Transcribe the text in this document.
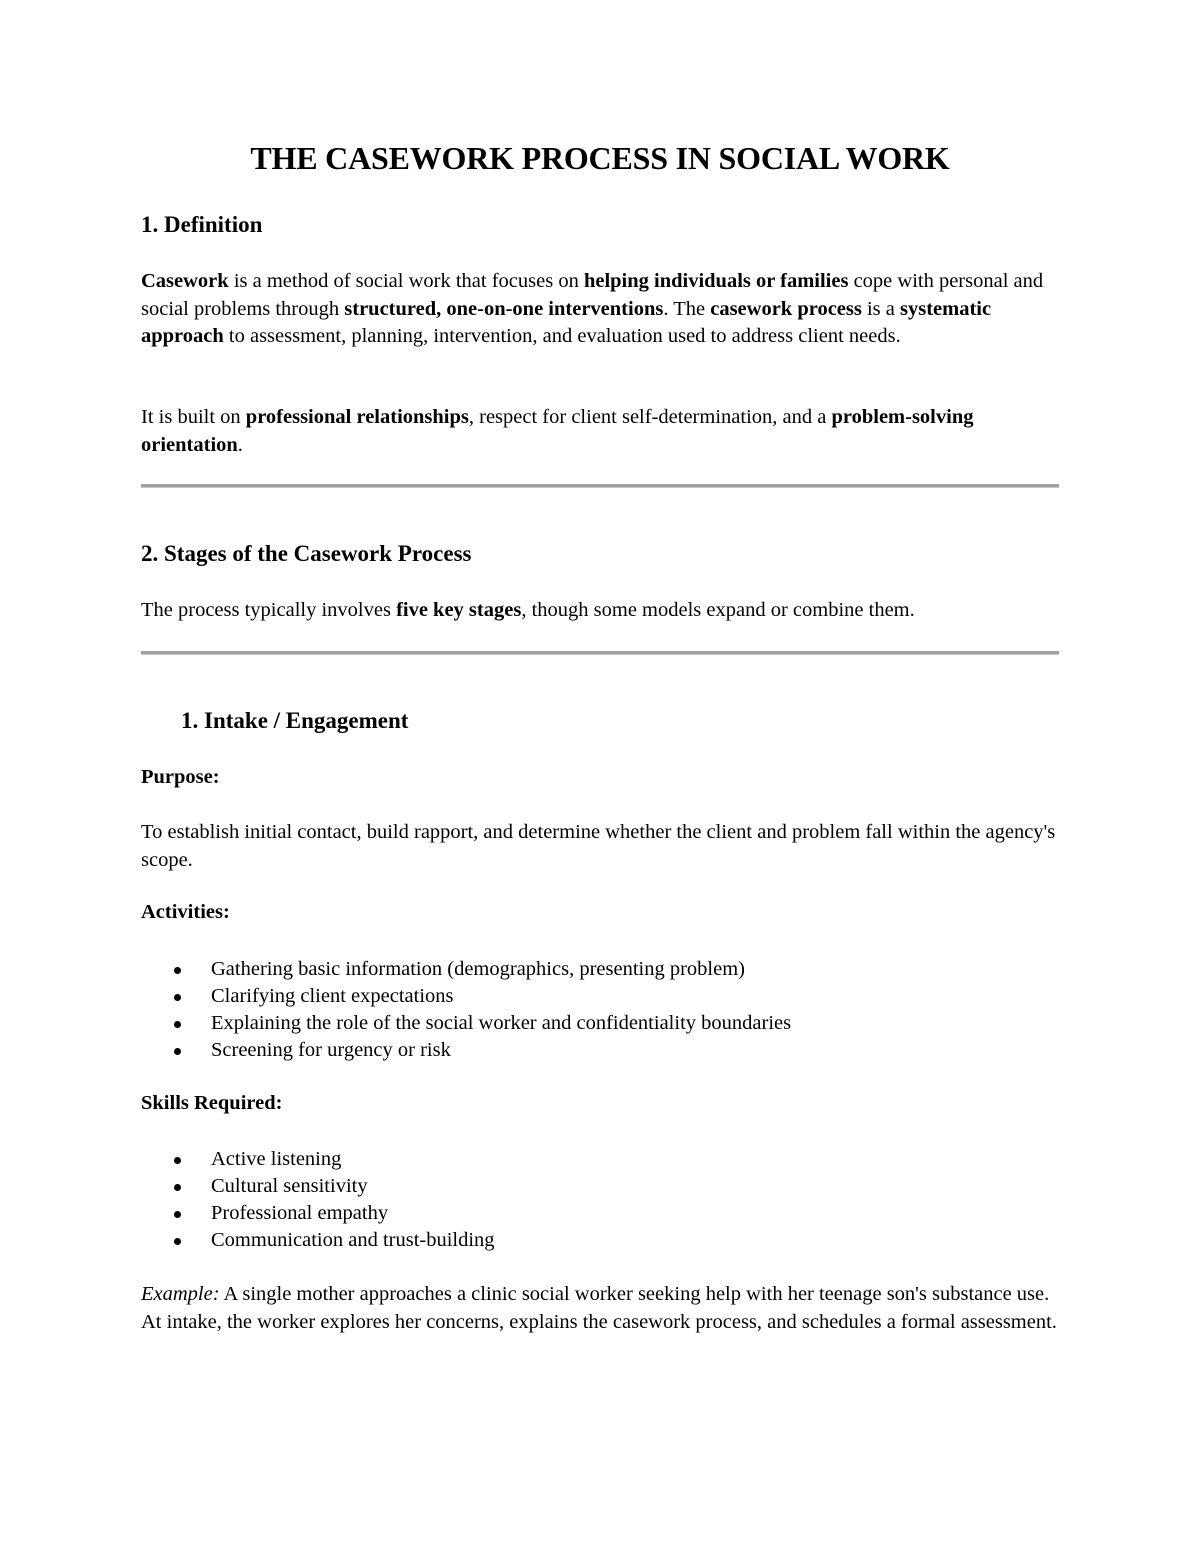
THE CASEWORK PROCESS IN SOCIAL WORK
1. Definition

Casework is a method of social work that focuses on helping individuals or families cope with personal and social problems through structured, one-on-one interventions. The casework process is a systematic approach to assessment, planning, intervention, and evaluation used to address client needs.

It is built on professional relationships, respect for client self-determination, and a problem-solving orientation.

2. Stages of the Casework Process

The process typically involves five key stages, though some models expand or combine them.

1. Intake / Engagement

Purpose:

To establish initial contact, build rapport, and determine whether the client and problem fall within the agency's scope.

Activities:

Gathering basic information (demographics, presenting problem)
Clarifying client expectations
Explaining the role of the social worker and confidentiality boundaries
Screening for urgency or risk

Skills Required:

Active listening
Cultural sensitivity
Professional empathy
Communication and trust-building

Example: A single mother approaches a clinic social worker seeking help with her teenage son's substance use. At intake, the worker explores her concerns, explains the casework process, and schedules a formal assessment.
